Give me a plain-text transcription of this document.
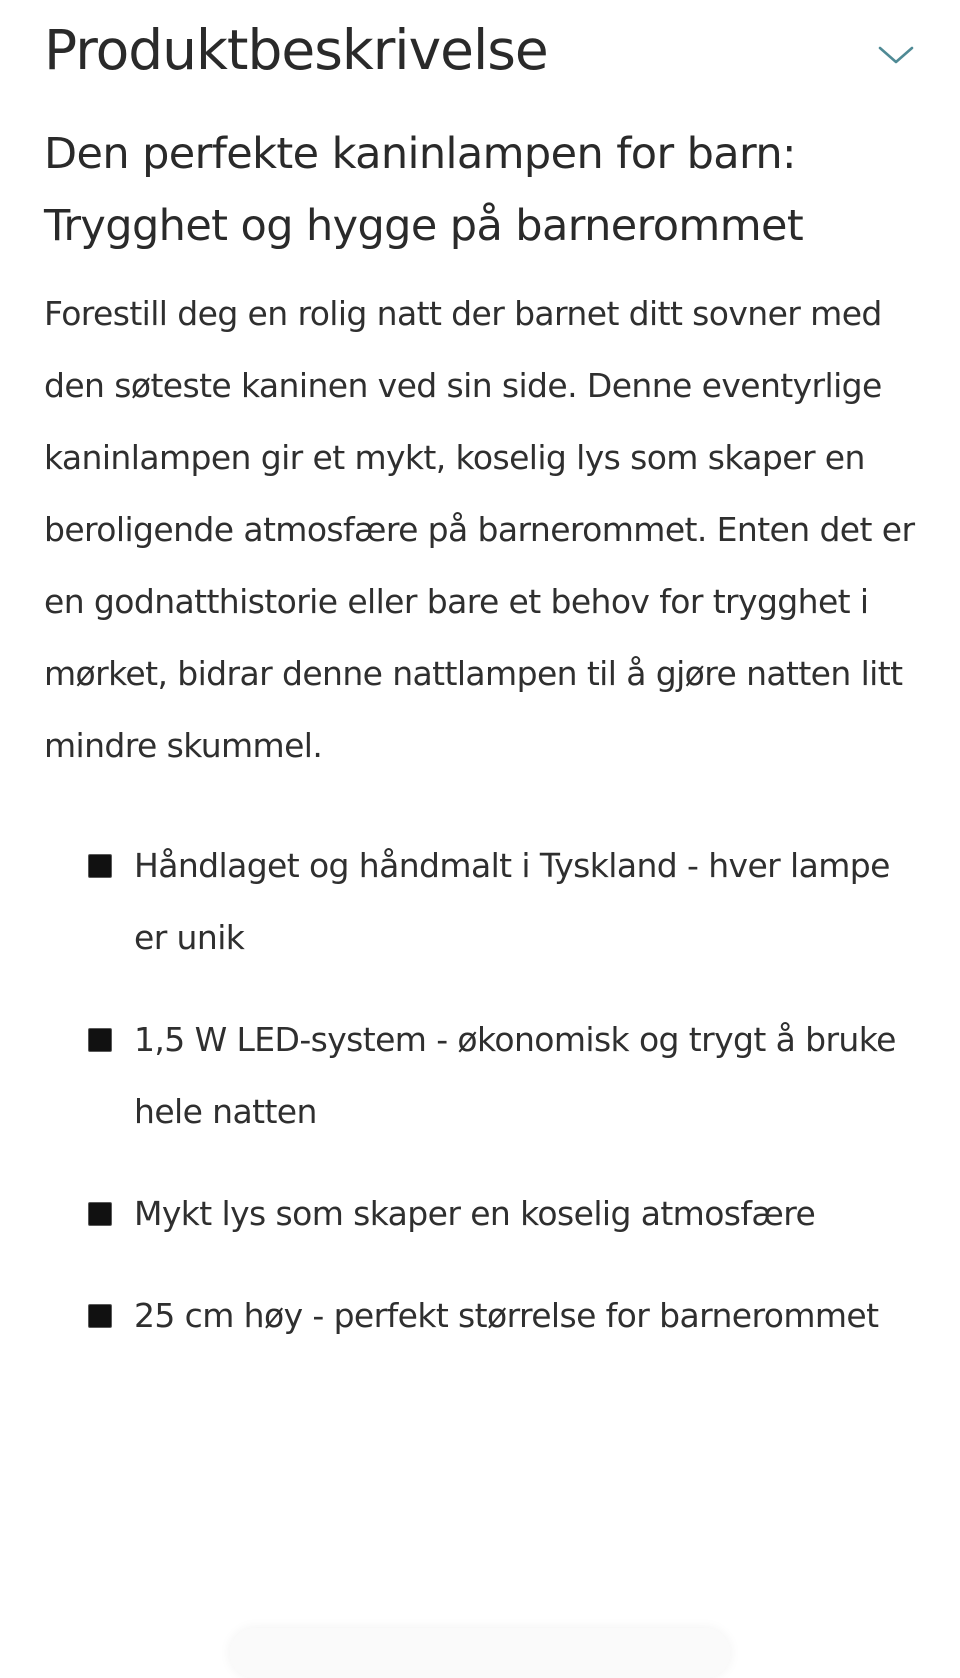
Produktbeskrivelse
Den perfekte kaninlampen for barn: Trygghet og hygge på barnerommet

Forestill deg en rolig natt der barnet ditt sovner med den søteste kaninen ved sin side. Denne eventyrlige kaninlampen gir et mykt, koselig lys som skaper en beroligende atmosfære på barnerommet. Enten det er en godnatthistorie eller bare et behov for trygghet i mørket, bidrar denne nattlampen til å gjøre natten litt mindre skummel.

Håndlaget og håndmalt i Tyskland - hver lampe er unik
1,5 W LED-system - økonomisk og trygt å bruke hele natten
Mykt lys som skaper en koselig atmosfære
25 cm høy - perfekt størrelse for barnerommet
